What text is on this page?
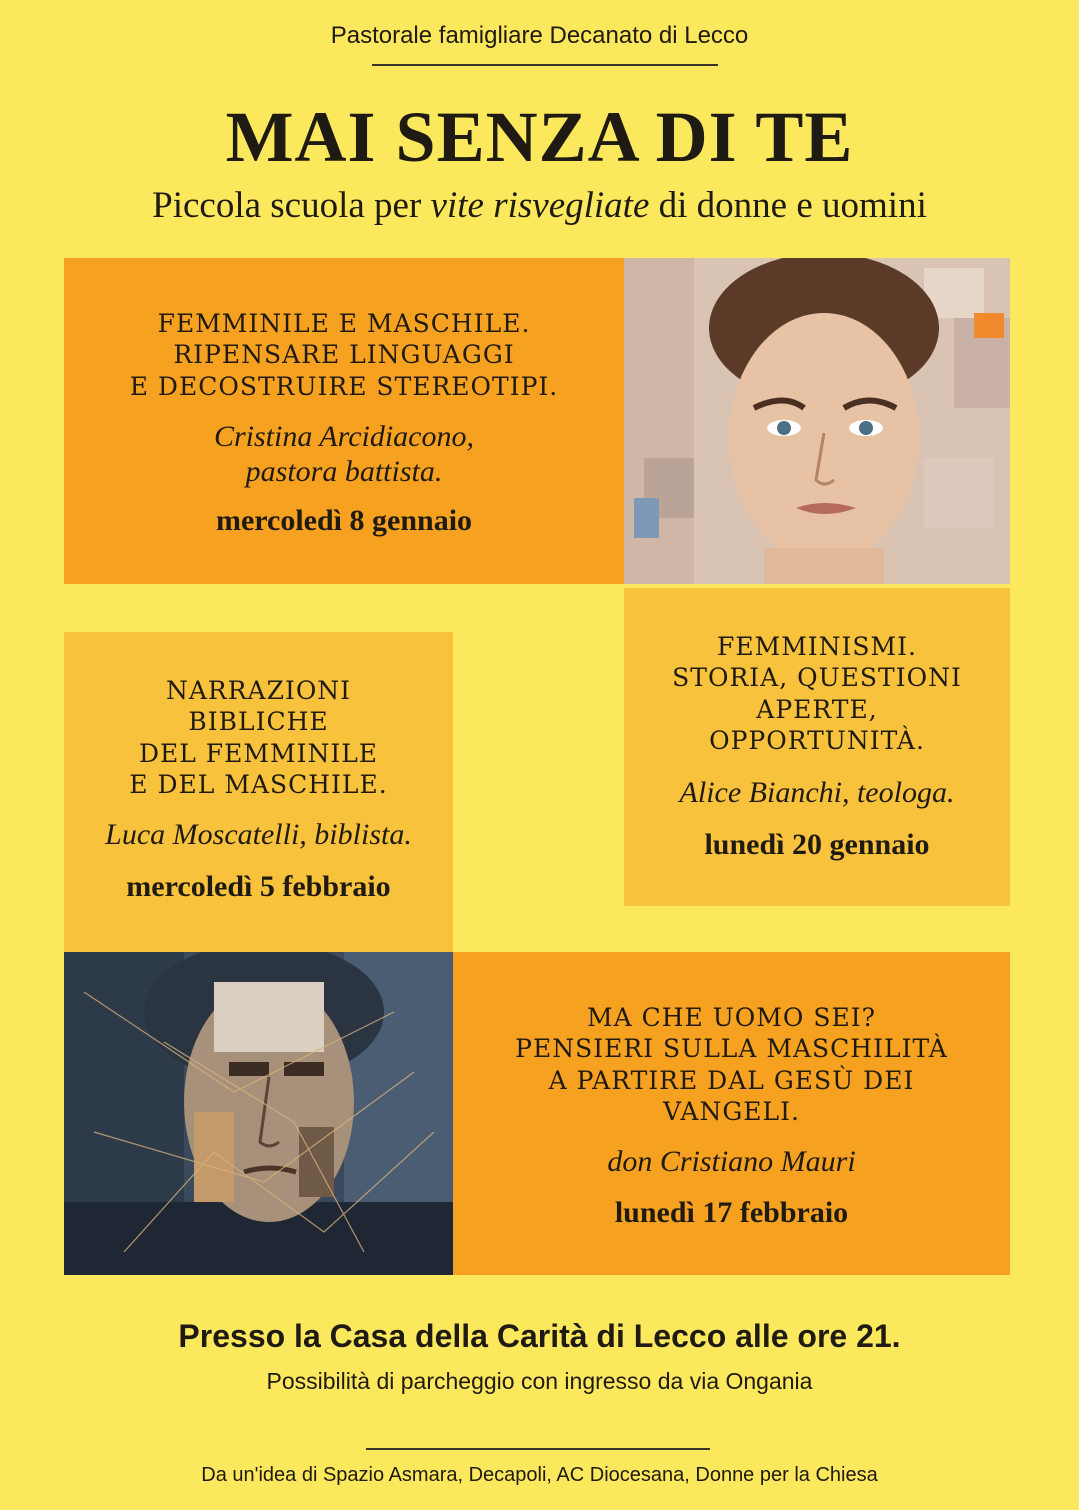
Pastorale famigliare Decanato di Lecco
MAI SENZA DI TE
Piccola scuola per vite risvegliate di donne e uomini
FEMMINILE E MASCHILE.
RIPENSARE LINGUAGGI
E DECOSTRUIRE STEREOTIPI.
Cristina Arcidiacono,
pastora battista.
mercoledì 8 gennaio
NARRAZIONI
BIBLICHE
DEL FEMMINILE
E DEL MASCHILE.
Luca Moscatelli, biblista.
mercoledì 5 febbraio
FEMMINISMI.
STORIA, QUESTIONI
APERTE,
OPPORTUNITÀ.
Alice Bianchi, teologa.
lunedì 20 gennaio
MA CHE UOMO SEI?
PENSIERI SULLA MASCHILITÀ
A PARTIRE DAL GESÙ DEI
VANGELI.
don Cristiano Mauri
lunedì 17 febbraio
Presso la Casa della Carità di Lecco alle ore 21.
Possibilità di parcheggio con ingresso da via Ongania
Da un'idea di Spazio Asmara, Decapoli, AC Diocesana, Donne per la Chiesa
